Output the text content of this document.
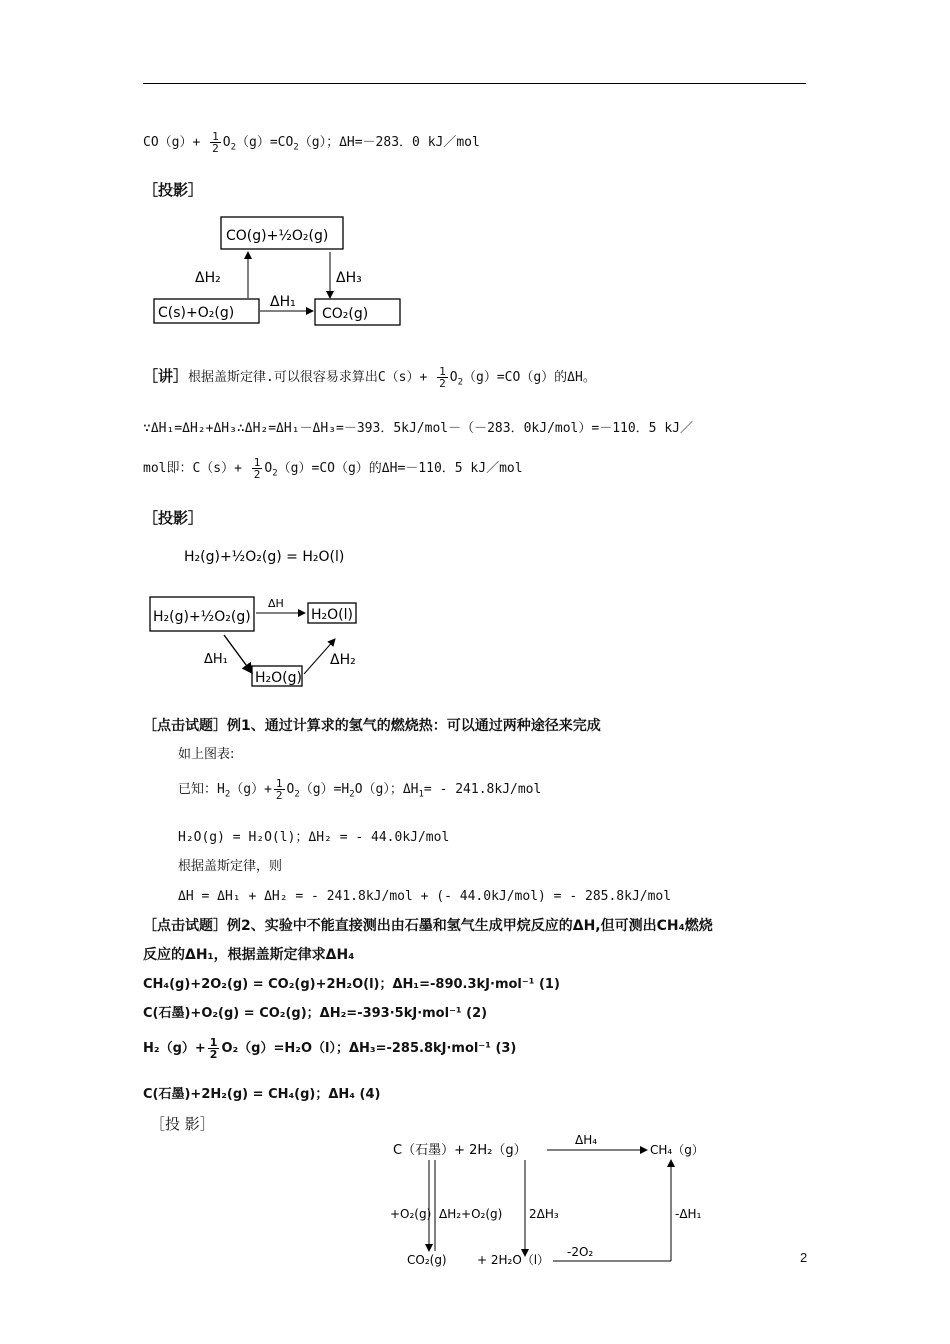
$CO(g)+ \frac{1}{2} O_2(g)=CO_2(g)$；ΔH=－283．0 kJ／mol
［投影］
CO(g)+½O₂(g)
C(s)+O₂(g)	CO₂(g)
ΔH₂	ΔH₃
ΔH₁
［讲］根据盖斯定律.可以很容易求算出$C(s)+ \frac{1}{2} O_2(g)=CO(g)$的ΔH。
∵ΔH₁=ΔH₂+ΔH₃∴ΔH₂=ΔH₁－ΔH₃=－393．5kJ/mol－（－283．0kJ/mol）=－110．5 kJ／
mol即：$C(s)+ \frac{1}{2} O_2(g)=CO(g)$的ΔH=－110．5 kJ／mol
［投影］
H₂(g)+½O₂(g) = H₂O(l)
H₂(g)+½O₂(g)	H₂O(l)
H₂O(g)
ΔH
ΔH₁	ΔH₂
［点击试题］例1、通过计算求的氢气的燃烧热：可以通过两种途径来完成
如上图表:
已知：$H_2(g)+ \frac{1}{2} O_2(g)=H_2O(g)$；$\Delta H_1= - 241.8kJ/mol$
H₂O(g) = H₂O(l)；ΔH₂ = - 44.0kJ/mol
根据盖斯定律，则
ΔH = ΔH₁ + ΔH₂ = - 241.8kJ/mol + (- 44.0kJ/mol) = - 285.8kJ/mol
［点击试题］例2、实验中不能直接测出由石墨和氢气生成甲烷反应的ΔH,但可测出CH₄燃烧
反应的ΔH₁，根据盖斯定律求ΔH₄
CH₄(g)+2O₂(g) = CO₂(g)+2H₂O(l)；ΔH₁=-890.3kJ·mol⁻¹ (1)
C(石墨)+O₂(g) = CO₂(g)；ΔH₂=-393·5kJ·mol⁻¹ (2)
$H_2(g)+ \frac{1}{2} O_2(g)=H_2O(l)$；ΔH₃=-285.8kJ·mol⁻¹ (3)
C(石墨)+2H₂(g) = CH₄(g)；ΔH₄ (4)
［投 影］
C（石墨）+ 2H₂（g）	CH₄（g）
ΔH₄
+O₂(g) ΔH₂+O₂(g) 2ΔH₃	-ΔH₁
CO₂(g)	+ 2H₂O（l）
-2O₂	2
